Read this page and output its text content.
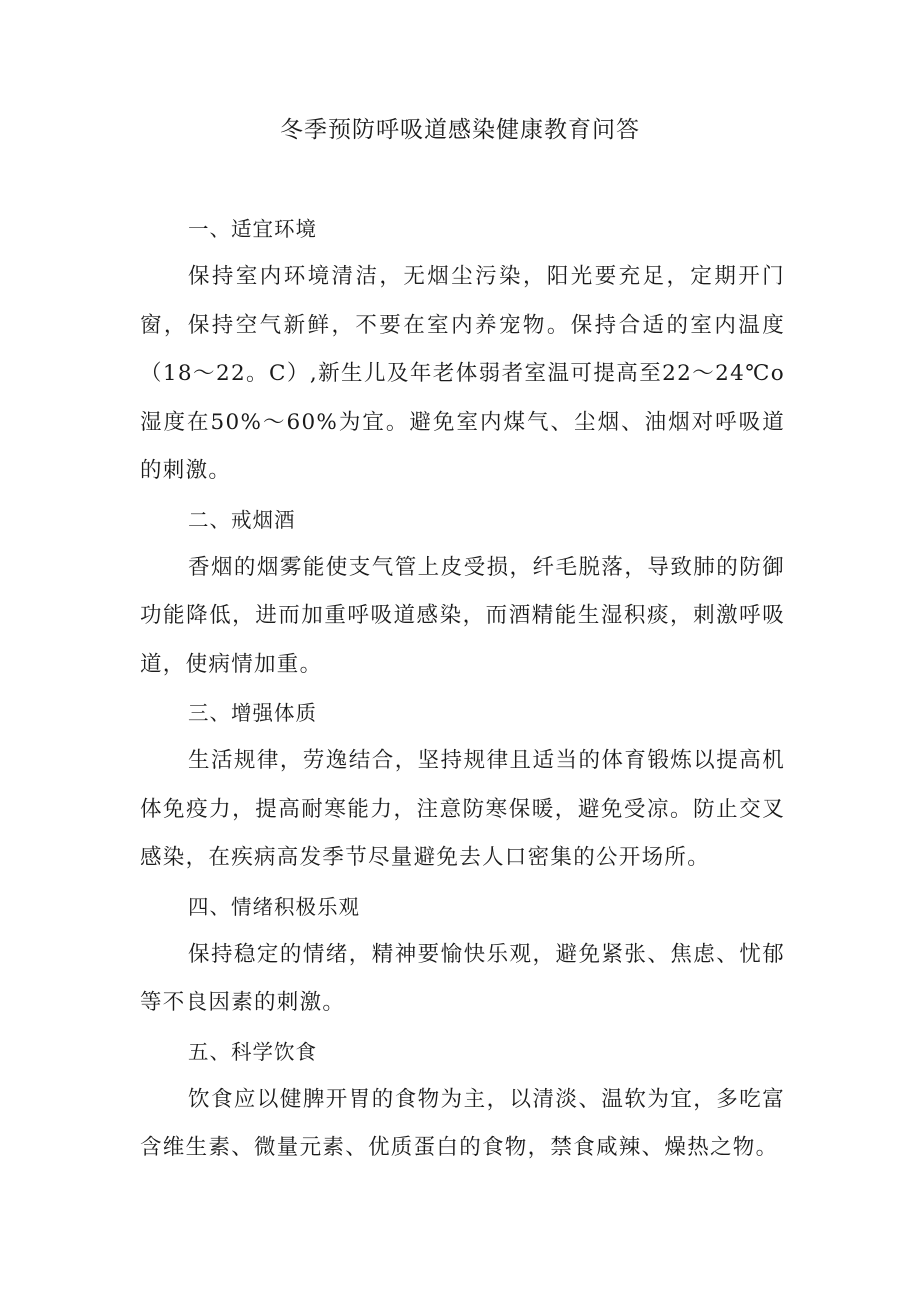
冬季预防呼吸道感染健康教育问答
一、适宜环境

保持室内环境清洁，无烟尘污染，阳光要充足，定期开门窗，保持空气新鲜，不要在室内养宠物。保持合适的室内温度（18～22。C）,新生儿及年老体弱者室温可提高至22～24℃o湿度在50%～60%为宜。避免室内煤气、尘烟、油烟对呼吸道的刺激。

二、戒烟酒

香烟的烟雾能使支气管上皮受损，纤毛脱落，导致肺的防御功能降低，进而加重呼吸道感染，而酒精能生湿积痰，刺激呼吸道，使病情加重。

三、增强体质

生活规律，劳逸结合，坚持规律且适当的体育锻炼以提高机体免疫力，提高耐寒能力，注意防寒保暖，避免受凉。防止交叉感染，在疾病高发季节尽量避免去人口密集的公开场所。

四、情绪积极乐观

保持稳定的情绪，精神要愉快乐观，避免紧张、焦虑、忧郁等不良因素的刺激。

五、科学饮食

饮食应以健脾开胃的食物为主，以清淡、温软为宜，多吃富含维生素、微量元素、优质蛋白的食物，禁食咸辣、燥热之物。
